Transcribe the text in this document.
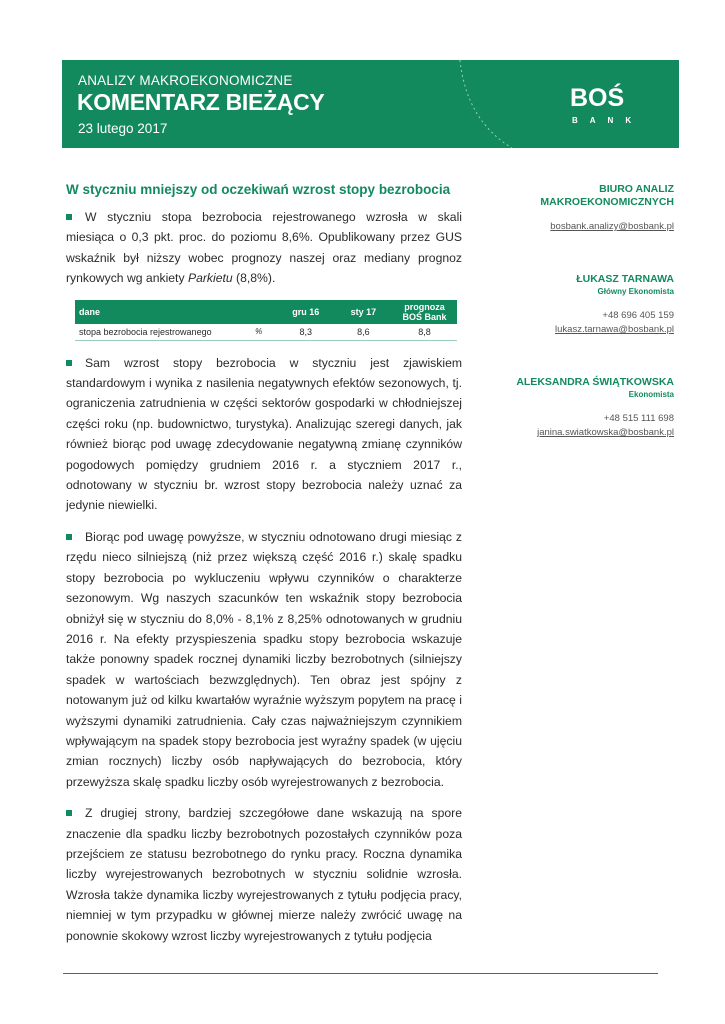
ANALIZY MAKROEKONOMICZNE
KOMENTARZ BIEŻĄCY
23 lutego 2017
BOŚ
BANK
W styczniu mniejszy od oczekiwań wzrost stopy bezrobocia

W styczniu stopa bezrobocia rejestrowanego wzrosła w skali miesiąca o 0,3 pkt. proc. do poziomu 8,6%. Opublikowany przez GUS wskaźnik był niższy wobec prognozy naszej oraz mediany prognoz rynkowych wg ankiety Parkietu (8,8%).

dane		gru 16	sty 17	prognoza
BOŚ Bank
stopa bezrobocia rejestrowanego	%	8,3	8,6	8,8

Sam wzrost stopy bezrobocia w styczniu jest zjawiskiem standardowym i wynika z nasilenia negatywnych efektów sezonowych, tj. ograniczenia zatrudnienia w części sektorów gospodarki w chłodniejszej części roku (np. budownictwo, turystyka). Analizując szeregi danych, jak również biorąc pod uwagę zdecydowanie negatywną zmianę czynników pogodowych pomiędzy grudniem 2016 r. a styczniem 2017 r., odnotowany w styczniu br. wzrost stopy bezrobocia należy uznać za jedynie niewielki.

Biorąc pod uwagę powyższe, w styczniu odnotowano drugi miesiąc z rzędu nieco silniejszą (niż przez większą część 2016 r.) skalę spadku stopy bezrobocia po wykluczeniu wpływu czynników o charakterze sezonowym. Wg naszych szacunków ten wskaźnik stopy bezrobocia obniżył się w styczniu do 8,0% - 8,1% z 8,25% odnotowanych w grudniu 2016 r. Na efekty przyspieszenia spadku stopy bezrobocia wskazuje także ponowny spadek rocznej dynamiki liczby bezrobotnych (silniejszy spadek w wartościach bezwzględnych). Ten obraz jest spójny z notowanym już od kilku kwartałów wyraźnie wyższym popytem na pracę i wyższymi dynamiki zatrudnienia. Cały czas najważniejszym czynnikiem wpływającym na spadek stopy bezrobocia jest wyraźny spadek (w ujęciu zmian rocznych) liczby osób napływających do bezrobocia, który przewyższa skalę spadku liczby osób wyrejestrowanych z bezrobocia.

Z drugiej strony, bardziej szczegółowe dane wskazują na spore znaczenie dla spadku liczby bezrobotnych pozostałych czynników poza przejściem ze statusu bezrobotnego do rynku pracy. Roczna dynamika liczby wyrejestrowanych bezrobotnych w styczniu solidnie wzrosła. Wzrosła także dynamika liczby wyrejestrowanych z tytułu podjęcia pracy, niemniej w tym przypadku w głównej mierze należy zwrócić uwagę na ponownie skokowy wzrost liczby wyrejestrowanych z tytułu podjęcia

BIURO ANALIZ
MAKROEKONOMICZNYCH
bosbank.analizy@bosbank.pl
ŁUKASZ TARNAWA
Główny Ekonomista
+48 696 405 159
lukasz.tarnawa@bosbank.pl
ALEKSANDRA ŚWIĄTKOWSKA
Ekonomista
+48 515 111 698
janina.swiatkowska@bosbank.pl
